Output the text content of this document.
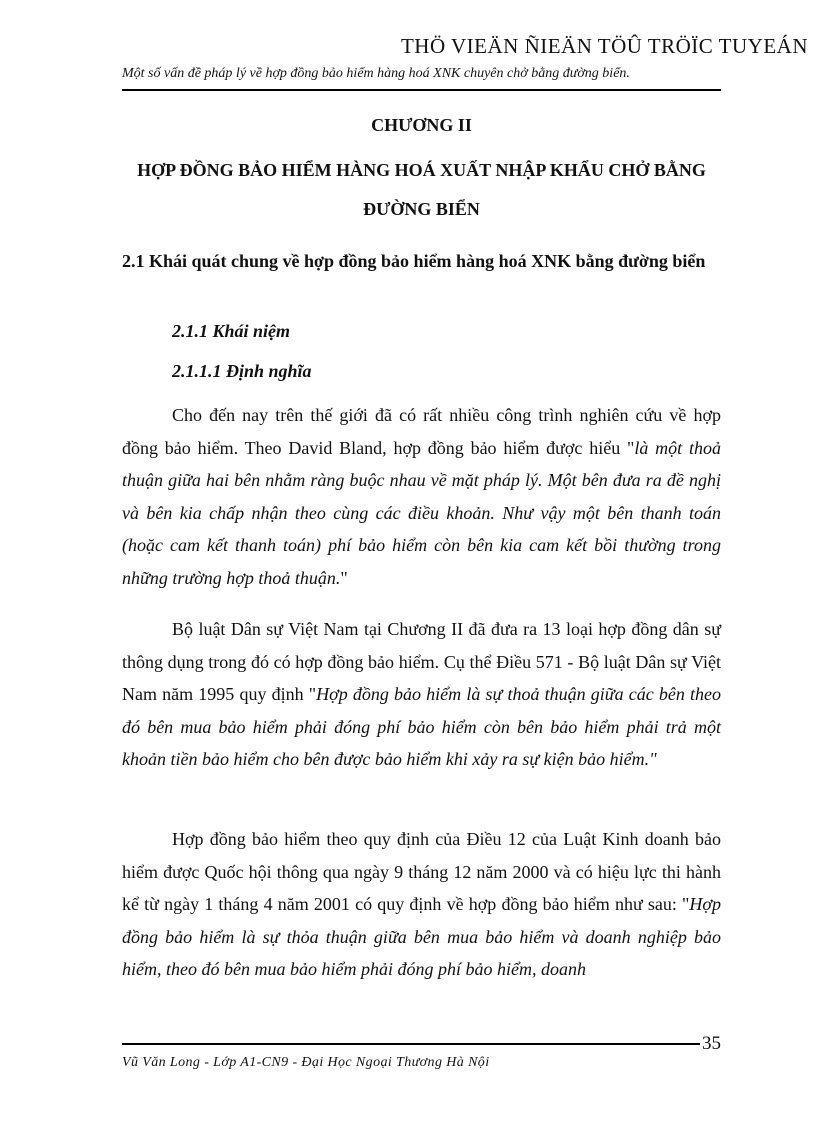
THÖ VIEÄN ÑIEÄN TÖÛ TRÖÏC TUYEÁN
Một số vấn đề pháp lý về hợp đồng bảo hiểm hàng hoá XNK chuyên chở bằng đường biển.
CHƯƠNG II
HỢP ĐỒNG BẢO HIỂM HÀNG HOÁ XUẤT NHẬP KHẨU CHỞ BẰNG ĐƯỜNG BIỂN
2.1 Khái quát chung về hợp đồng bảo hiểm hàng hoá XNK bằng đường biển
2.1.1 Khái niệm
2.1.1.1 Định nghĩa

Cho đến nay trên thế giới đã có rất nhiều công trình nghiên cứu về hợp đồng bảo hiểm. Theo David Bland, hợp đồng bảo hiểm được hiểu "là một thoả thuận giữa hai bên nhằm ràng buộc nhau về mặt pháp lý. Một bên đưa ra đề nghị và bên kia chấp nhận theo cùng các điều khoản. Như vậy một bên thanh toán (hoặc cam kết thanh toán) phí bảo hiểm còn bên kia cam kết bồi thường trong những trường hợp thoả thuận."

Bộ luật Dân sự Việt Nam tại Chương II đã đưa ra 13 loại hợp đồng dân sự thông dụng trong đó có hợp đồng bảo hiểm. Cụ thể Điều 571 - Bộ luật Dân sự Việt Nam năm 1995 quy định "Hợp đồng bảo hiểm là sự thoả thuận giữa các bên theo đó bên mua bảo hiểm phải đóng phí bảo hiểm còn bên bảo hiểm phải trả một khoản tiền bảo hiểm cho bên được bảo hiểm khi xảy ra sự kiện bảo hiểm."

Hợp đồng bảo hiểm theo quy định của Điều 12 của Luật Kinh doanh bảo hiểm được Quốc hội thông qua ngày 9 tháng 12 năm 2000 và có hiệu lực thi hành kể từ ngày 1 tháng 4 năm 2001 có quy định về hợp đồng bảo hiểm như sau: "Hợp đồng bảo hiểm là sự thỏa thuận giữa bên mua bảo hiểm và doanh nghiệp bảo hiểm, theo đó bên mua bảo hiểm phải đóng phí bảo hiểm, doanh

35
Vũ Văn Long - Lớp A1-CN9 - Đại Học Ngoại Thương Hà Nội
